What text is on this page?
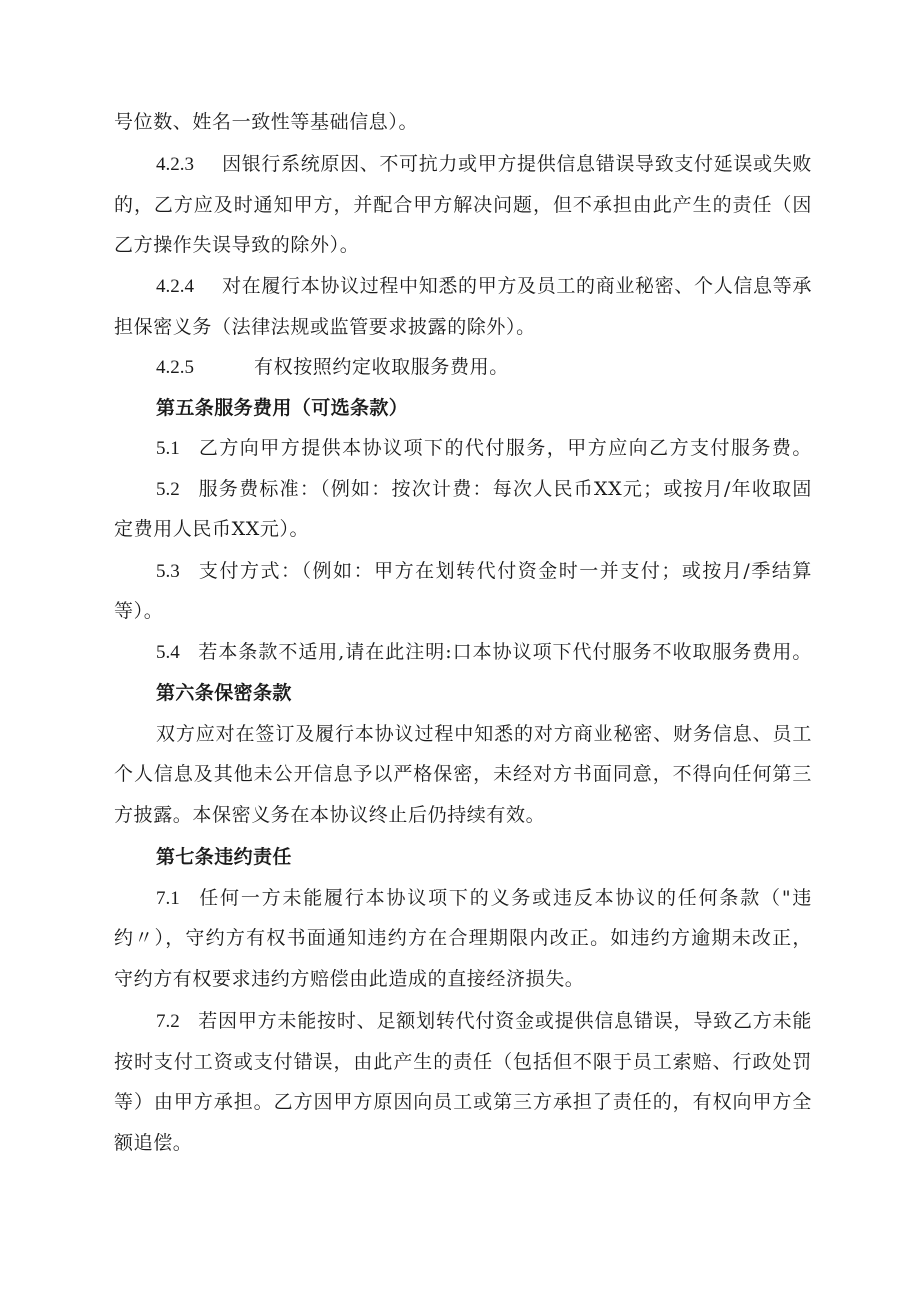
号位数、姓名一致性等基础信息）。
4.2.3 因银行系统原因、不可抗力或甲方提供信息错误导致支付延误或失败
的，乙方应及时通知甲方，并配合甲方解决问题，但不承担由此产生的责任（因
乙方操作失误导致的除外）。
4.2.4 对在履行本协议过程中知悉的甲方及员工的商业秘密、个人信息等承
担保密义务（法律法规或监管要求披露的除外）。
4.2.5	有权按照约定收取服务费用。
第五条服务费用（可选条款）
5.1 乙方向甲方提供本协议项下的代付服务，甲方应向乙方支付服务费。
5.2 服务费标准：（例如：按次计费：每次人民币XX元；或按月/年收取固
定费用人民币XX元）。
5.3 支付方式：（例如：甲方在划转代付资金时一并支付；或按月/季结算
等）。
5.4 若本条款不适用,请在此注明:口本协议项下代付服务不收取服务费用。
第六条保密条款
双方应对在签订及履行本协议过程中知悉的对方商业秘密、财务信息、员工
个人信息及其他未公开信息予以严格保密，未经对方书面同意，不得向任何第三
方披露。本保密义务在本协议终止后仍持续有效。
第七条违约责任
7.1 任何一方未能履行本协议项下的义务或违反本协议的任何条款（"违
约〃），守约方有权书面通知违约方在合理期限内改正。如违约方逾期未改正，
守约方有权要求违约方赔偿由此造成的直接经济损失。
7.2 若因甲方未能按时、足额划转代付资金或提供信息错误，导致乙方未能
按时支付工资或支付错误，由此产生的责任（包括但不限于员工索赔、行政处罚
等）由甲方承担。乙方因甲方原因向员工或第三方承担了责任的，有权向甲方全
额追偿。
